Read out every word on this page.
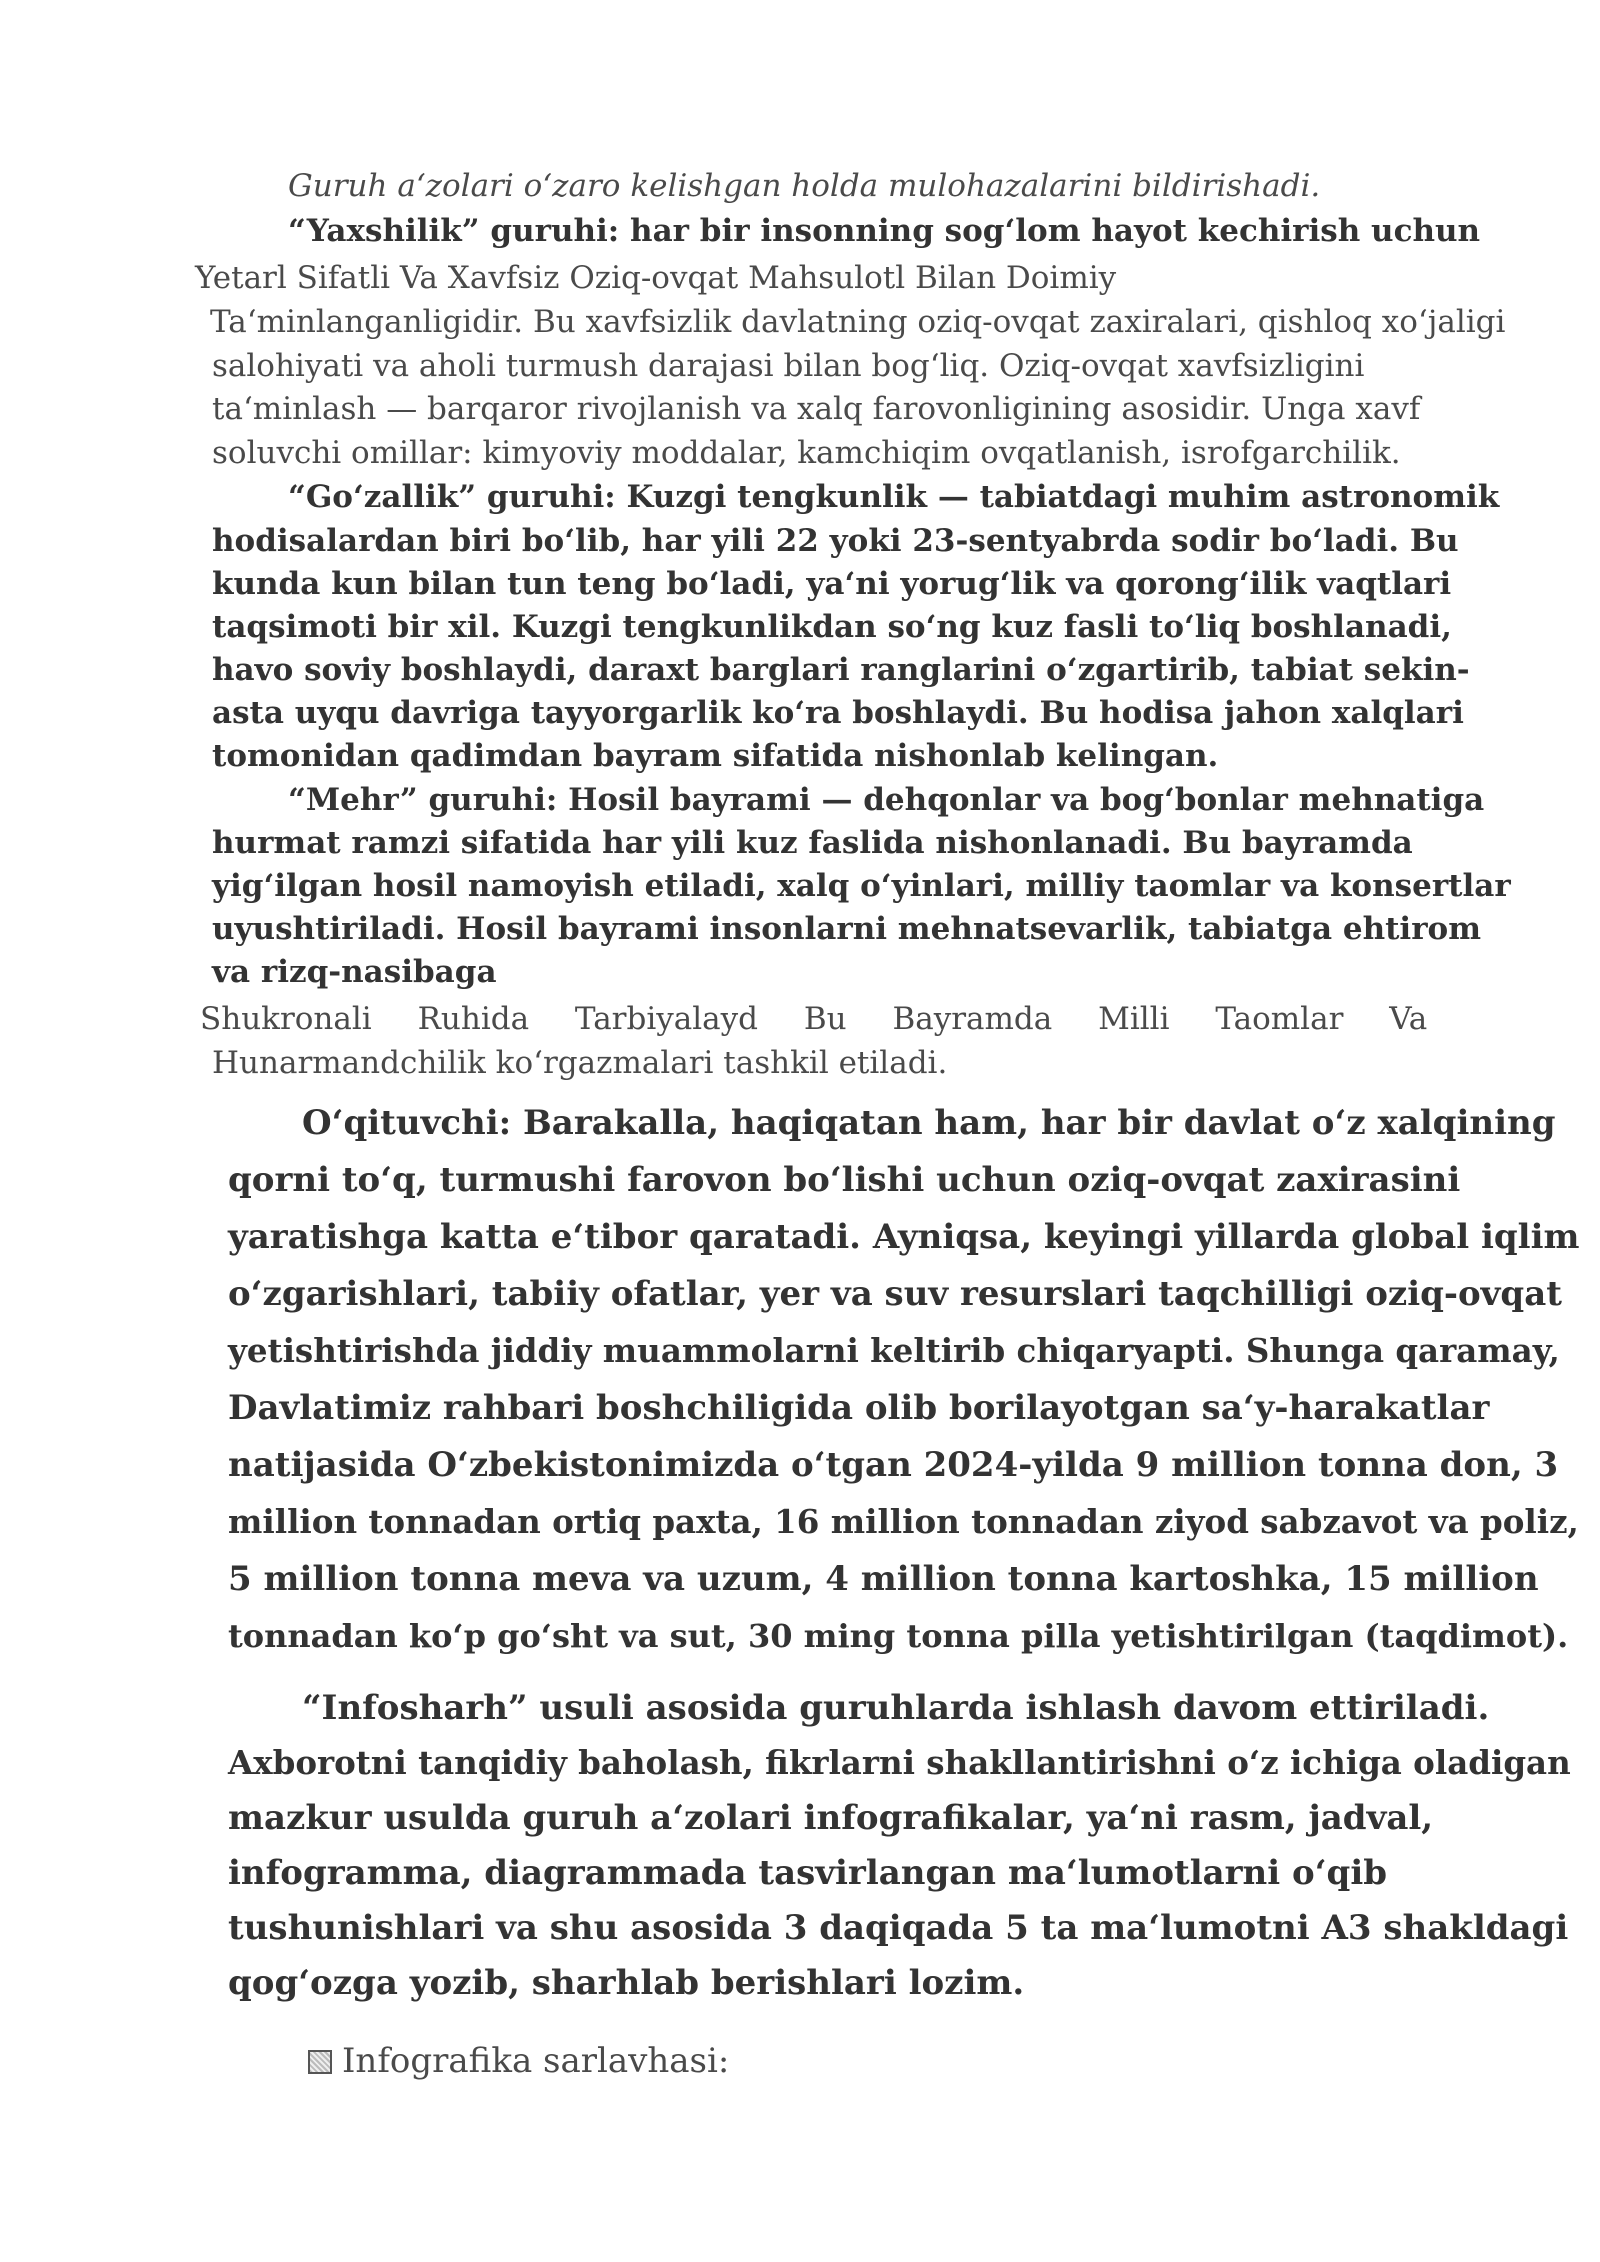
Guruh a‘zolari o‘zaro kelishgan holda mulohazalarini bildirishadi.
“Yaxshilik” guruhi: har bir insonning sog‘lom hayot kechirish uchun
Yetarl Sifatli Va Xavfsiz Oziq-ovqat Mahsulotl Bilan Doimiy
Ta‘minlanganligidir. Bu xavfsizlik davlatning oziq-ovqat zaxiralari, qishloq xo‘jaligi
salohiyati va aholi turmush darajasi bilan bog‘liq. Oziq-ovqat xavfsizligini
ta‘minlash — barqaror rivojlanish va xalq farovonligining asosidir. Unga xavf
soluvchi omillar: kimyoviy moddalar, kamchiqim ovqatlanish, isrofgarchilik.
“Go‘zallik” guruhi: Kuzgi tengkunlik — tabiatdagi muhim astronomik
hodisalardan biri bo‘lib, har yili 22 yoki 23-sentyabrda sodir bo‘ladi. Bu
kunda kun bilan tun teng bo‘ladi, ya‘ni yorug‘lik va qorong‘ilik vaqtlari
taqsimoti bir xil. Kuzgi tengkunlikdan so‘ng kuz fasli to‘liq boshlanadi,
havo soviy boshlaydi, daraxt barglari ranglarini o‘zgartirib, tabiat sekin-
asta uyqu davriga tayyorgarlik ko‘ra boshlaydi. Bu hodisa jahon xalqlari
tomonidan qadimdan bayram sifatida nishonlab kelingan.
“Mehr” guruhi: Hosil bayrami — dehqonlar va bog‘bonlar mehnatiga
hurmat ramzi sifatida har yili kuz faslida nishonlanadi. Bu bayramda
yig‘ilgan hosil namoyish etiladi, xalq o‘yinlari, milliy taomlar va konsertlar
uyushtiriladi. Hosil bayrami insonlarni mehnatsevarlik, tabiatga ehtirom
va rizq-nasibaga
Shukronali Ruhida Tarbiyalayd Bu Bayramda Milli Taomlar Va
Hunarmandchilik ko‘rgazmalari tashkil etiladi.
O‘qituvchi: Barakalla, haqiqatan ham, har bir davlat o‘z xalqining
qorni to‘q, turmushi farovon bo‘lishi uchun oziq-ovqat zaxirasini
yaratishga katta e‘tibor qaratadi. Ayniqsa, keyingi yillarda global iqlim
o‘zgarishlari, tabiiy ofatlar, yer va suv resurslari taqchilligi oziq-ovqat
yetishtirishda jiddiy muammolarni keltirib chiqaryapti. Shunga qaramay,
Davlatimiz rahbari boshchiligida olib borilayotgan sa‘y-harakatlar
natijasida O‘zbekistonimizda o‘tgan 2024-yilda 9 million tonna don, 3
million tonnadan ortiq paxta, 16 million tonnadan ziyod sabzavot va poliz,
5 million tonna meva va uzum, 4 million tonna kartoshka, 15 million
tonnadan ko‘p go‘sht va sut, 30 ming tonna pilla yetishtirilgan (taqdimot).
“Infosharh” usuli asosida guruhlarda ishlash davom ettiriladi.
Axborotni tanqidiy baholash, fikrlarni shakllantirishni o‘z ichiga oladigan
mazkur usulda guruh a‘zolari infografikalar, ya‘ni rasm, jadval,
infogramma, diagrammada tasvirlangan ma‘lumotlarni o‘qib
tushunishlari va shu asosida 3 daqiqada 5 ta ma‘lumotni A3 shakldagi
qog‘ozga yozib, sharhlab berishlari lozim.
Infografika sarlavhasi:
